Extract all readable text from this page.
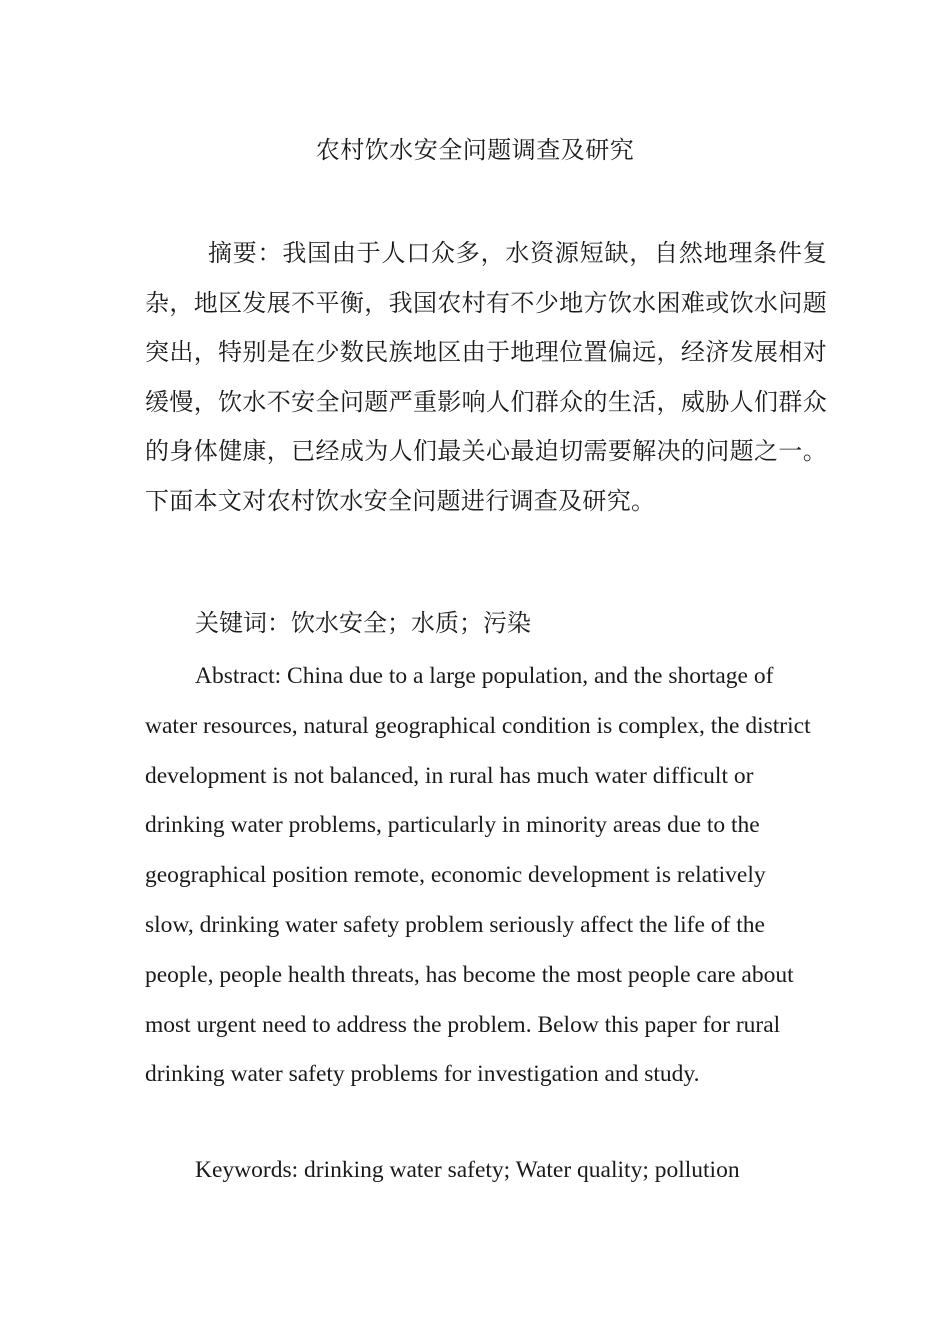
农村饮水安全问题调查及研究

摘要：我国由于人口众多，水资源短缺，自然地理条件复杂，地区发展不平衡，我国农村有不少地方饮水困难或饮水问题突出，特别是在少数民族地区由于地理位置偏远，经济发展相对缓慢，饮水不安全问题严重影响人们群众的生活，威胁人们群众的身体健康，已经成为人们最关心最迫切需要解决的问题之一。下面本文对农村饮水安全问题进行调查及研究。

关键词：饮水安全；水质；污染

Abstract: China due to a large population, and the shortage of water resources, natural geographical condition is complex, the district development is not balanced, in rural has much water difficult or drinking water problems, particularly in minority areas due to the geographical position remote, economic development is relatively slow, drinking water safety problem seriously affect the life of the people, people health threats, has become the most people care about most urgent need to address the problem. Below this paper for rural drinking water safety problems for investigation and study.

Keywords: drinking water safety; Water quality; pollution
